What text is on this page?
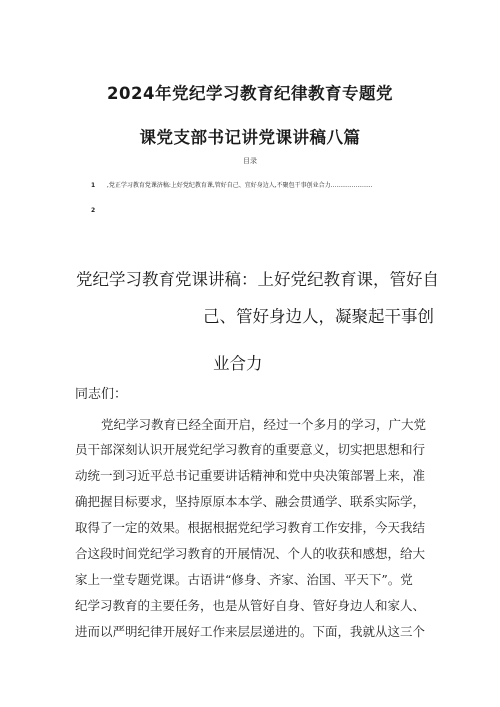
2024年党纪学习教育纪律教育专题党
课党支部书记讲党课讲稿八篇
目录
1 ,党正学习教育党课济稿:上好党纪教育课,管好自己、宜好身边人,不聚包干事创业合力......................
2
党纪学习教育党课讲稿：上好党纪教育课，管好自
己、管好身边人，凝聚起干事创
业合力
同志们：
党纪学习教育已经全面开启，经过一个多月的学习，广大党
员干部深刻认识开展党纪学习教育的重要意义，切实把思想和行
动统一到习近平总书记重要讲话精神和党中央决策部署上来，准
确把握目标要求，坚持原原本本学、融会贯通学、联系实际学，
取得了一定的效果。根据根据党纪学习教育工作安排，今天我结
合这段时间党纪学习教育的开展情况、个人的收获和感想，给大
家上一堂专题党课。古语讲“修身、齐家、治国、平天下”。党
纪学习教育的主要任务，也是从管好自身、管好身边人和家人、
进而以严明纪律开展好工作来层层递进的。下面，我就从这三个
